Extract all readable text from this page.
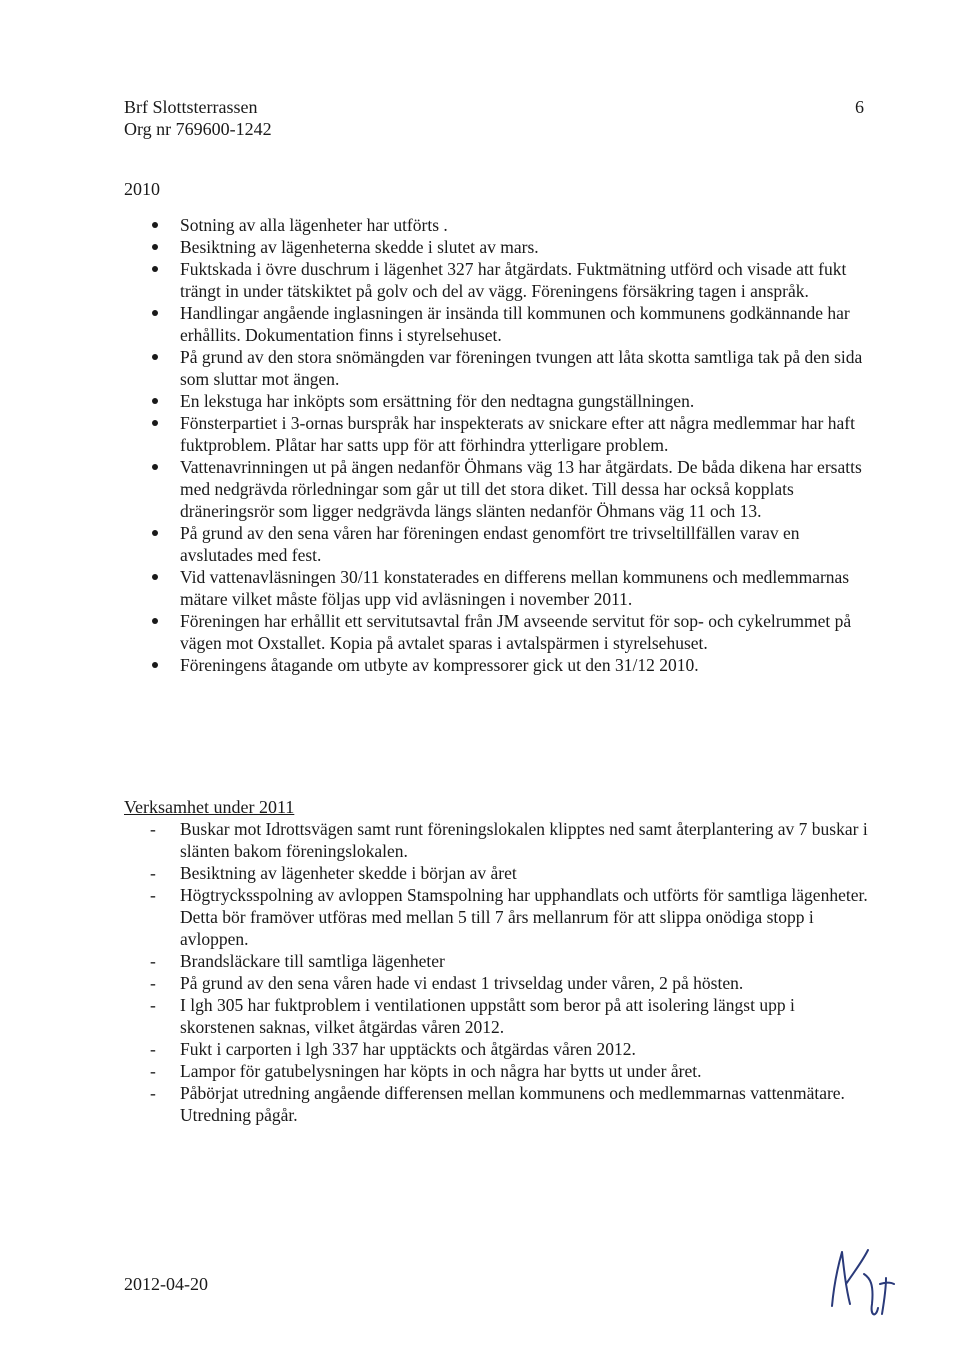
Brf Slottsterrassen
Org nr 769600-1242
6
2010
Sotning av alla lägenheter har utförts .
Besiktning av lägenheterna skedde i slutet av mars.
Fuktskada i övre duschrum i lägenhet 327 har åtgärdats. Fuktmätning utförd och visade att fukt trängt in under tätskiktet på golv och del av vägg. Föreningens försäkring tagen i anspråk.
Handlingar angående inglasningen är insända till kommunen och kommunens godkännande har erhållits. Dokumentation finns i styrelsehuset.
På grund av den stora snömängden var föreningen tvungen att låta skotta samtliga tak på den sida som sluttar mot ängen.
En lekstuga har inköpts som ersättning för den nedtagna gungställningen.
Fönsterpartiet i 3-ornas burspråk har inspekterats av snickare efter att några medlemmar har haft fuktproblem. Plåtar har satts upp för att förhindra ytterligare problem.
Vattenavrinningen ut på ängen nedanför Öhmans väg 13 har åtgärdats. De båda dikena har ersatts med nedgrävda rörledningar som går ut till det stora diket. Till dessa har också kopplats dräneringsrör som ligger nedgrävda längs slänten nedanför Öhmans väg 11 och 13.
På grund av den sena våren har föreningen endast genomfört tre trivseltillfällen varav en avslutades med fest.
Vid vattenavläsningen 30/11 konstaterades en differens mellan kommunens och medlemmarnas mätare vilket måste följas upp vid avläsningen i november 2011.
Föreningen har erhållit ett servitutsavtal från JM avseende servitut för sop- och cykelrummet på vägen mot Oxstallet. Kopia på avtalet sparas i avtalspärmen i styrelsehuset.
Föreningens åtagande om utbyte av kompressorer gick ut den 31/12 2010.
Verksamhet under 2011
- Buskar mot Idrottsvägen samt runt föreningslokalen klipptes ned samt återplantering av 7 buskar i slänten bakom föreningslokalen.
- Besiktning av lägenheter skedde i början av året
- Högtrycksspolning av avloppen Stamspolning har upphandlats och utförts för samtliga lägenheter. Detta bör framöver utföras med mellan 5 till 7 års mellanrum för att slippa onödiga stopp i avloppen.
- Brandsläckare till samtliga lägenheter
- På grund av den sena våren hade vi endast 1 trivseldag under våren, 2 på hösten.
- I lgh 305 har fuktproblem i ventilationen uppstått som beror på att isolering längst upp i skorstenen saknas, vilket åtgärdas våren 2012.
- Fukt i carporten i lgh 337 har upptäckts och åtgärdas våren 2012.
- Lampor för gatubelysningen har köpts in och några har bytts ut under året.
- Påbörjat utredning angående differensen mellan kommunens och medlemmarnas vattenmätare. Utredning pågår.
2012-04-20
